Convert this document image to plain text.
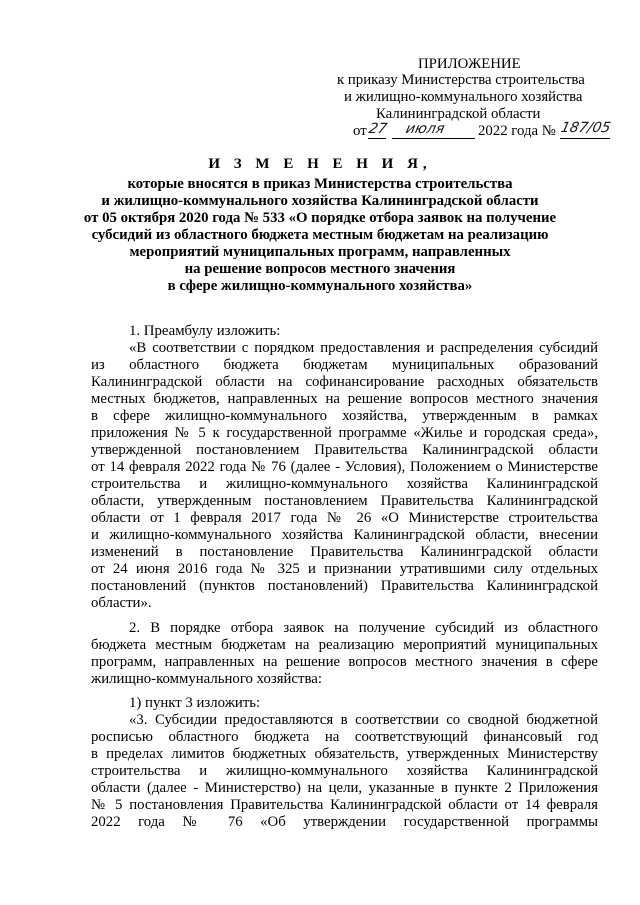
ПРИЛОЖЕНИЕ
к приказу Министерства строительства
и жилищно-коммунального хозяйства
Калининградской области
от 27 июля 2022 года № 187/05
И З М Е Н Е Н И Я,
которые вносятся в приказ Министерства строительства
и жилищно-коммунального хозяйства Калининградской области
от 05 октября 2020 года № 533 «О порядке отбора заявок на получение
субсидий из областного бюджета местным бюджетам на реализацию
мероприятий муниципальных программ, направленных
на решение вопросов местного значения
в сфере жилищно-коммунального хозяйства»
1. Преамбулу изложить:
«В соответствии с порядком предоставления и распределения субсидий
из областного бюджета бюджетам муниципальных образований
Калининградской области на софинансирование расходных обязательств
местных бюджетов, направленных на решение вопросов местного значения
в сфере жилищно-коммунального хозяйства, утвержденным в рамках
приложения № 5 к государственной программе «Жилье и городская среда»,
утвержденной постановлением Правительства Калининградской области
от 14 февраля 2022 года № 76 (далее - Условия), Положением о Министерстве
строительства и жилищно-коммунального хозяйства Калининградской
области, утвержденным постановлением Правительства Калининградской
области от 1 февраля 2017 года № 26 «О Министерстве строительства
и жилищно-коммунального хозяйства Калининградской области, внесении
изменений в постановление Правительства Калининградской области
от 24 июня 2016 года № 325 и признании утратившими силу отдельных
постановлений (пунктов постановлений) Правительства Калининградской
области».
2. В порядке отбора заявок на получение субсидий из областного
бюджета местным бюджетам на реализацию мероприятий муниципальных
программ, направленных на решение вопросов местного значения в сфере
жилищно-коммунального хозяйства:
1) пункт 3 изложить:
«3. Субсидии предоставляются в соответствии со сводной бюджетной
росписью областного бюджета на соответствующий финансовый год
в пределах лимитов бюджетных обязательств, утвержденных Министерству
строительства и жилищно-коммунального хозяйства Калининградской
области (далее - Министерство) на цели, указанные в пункте 2 Приложения
№ 5 постановления Правительства Калининградской области от 14 февраля
2022 года № 76 «Об утверждении государственной программы
